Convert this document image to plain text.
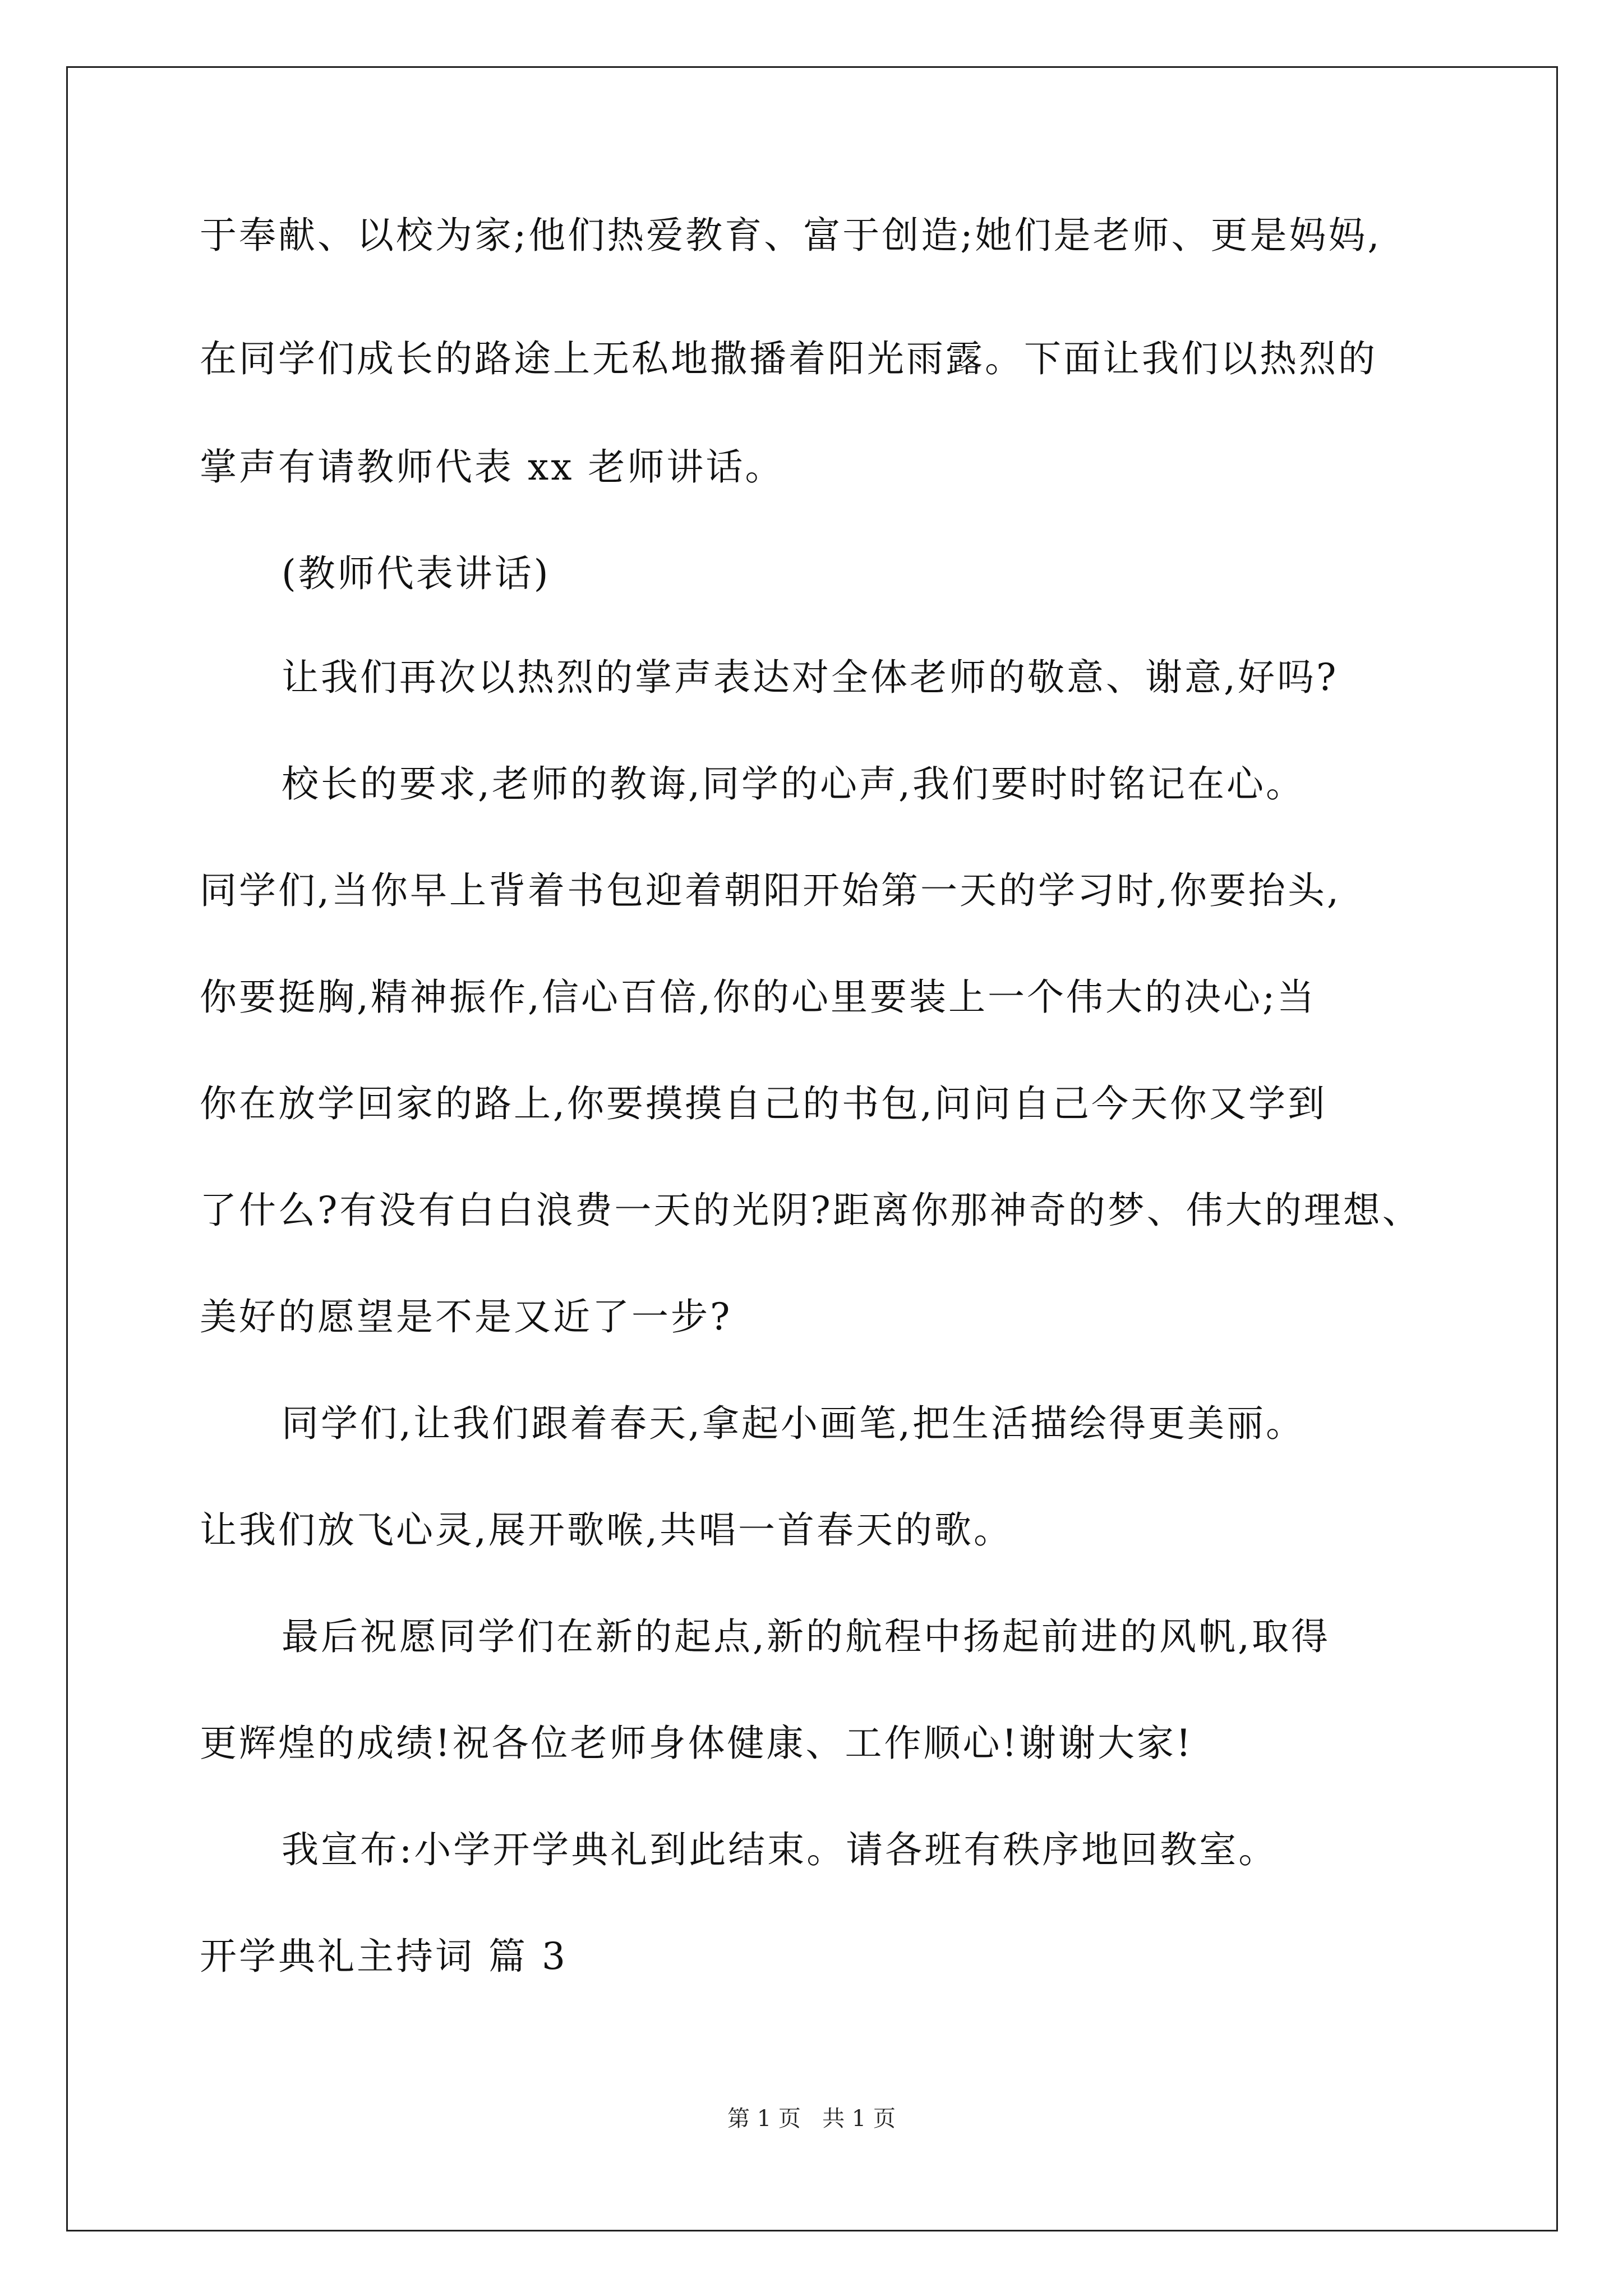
于奉献、以校为家;他们热爱教育、富于创造;她们是老师、更是妈妈,
在同学们成长的路途上无私地撒播着阳光雨露。下面让我们以热烈的
掌声有请教师代表 xx 老师讲话。
(教师代表讲话)
让我们再次以热烈的掌声表达对全体老师的敬意、谢意,好吗?
校长的要求,老师的教诲,同学的心声,我们要时时铭记在心。
同学们,当你早上背着书包迎着朝阳开始第一天的学习时,你要抬头,
你要挺胸,精神振作,信心百倍,你的心里要装上一个伟大的决心;当
你在放学回家的路上,你要摸摸自己的书包,问问自己今天你又学到
了什么?有没有白白浪费一天的光阴?距离你那神奇的梦、伟大的理想、
美好的愿望是不是又近了一步?
同学们,让我们跟着春天,拿起小画笔,把生活描绘得更美丽。
让我们放飞心灵,展开歌喉,共唱一首春天的歌。
最后祝愿同学们在新的起点,新的航程中扬起前进的风帆,取得
更辉煌的成绩!祝各位老师身体健康、工作顺心!谢谢大家!
我宣布:小学开学典礼到此结束。请各班有秩序地回教室。
开学典礼主持词 篇 3
第 1 页   共 1 页
